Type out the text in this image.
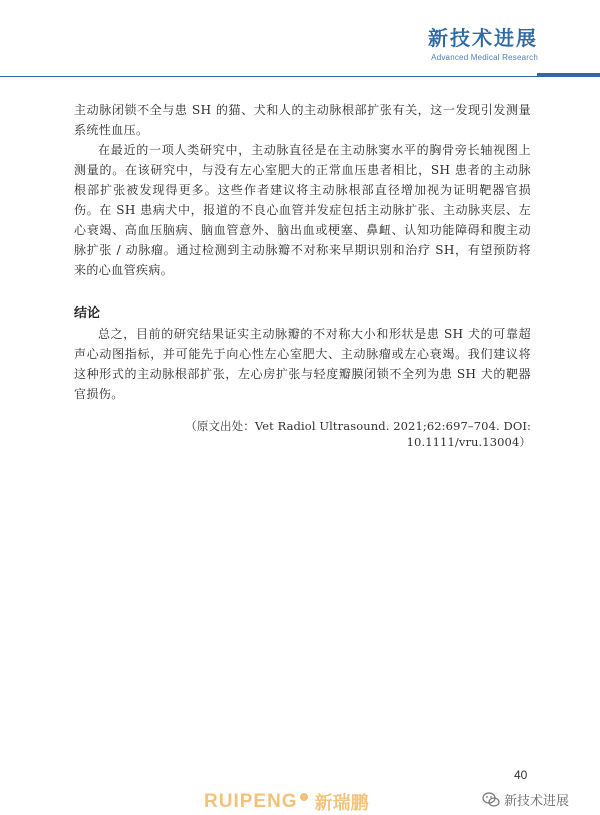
新技术进展
Advanced Medical Research

主动脉闭锁不全与患 SH 的猫、犬和人的主动脉根部扩张有关，这一发现引发测量系统性血压。

在最近的一项人类研究中，主动脉直径是在主动脉窦水平的胸骨旁长轴视图上测量的。在该研究中，与没有左心室肥大的正常血压患者相比，SH 患者的主动脉根部扩张被发现得更多。这些作者建议将主动脉根部直径增加视为证明靶器官损伤。在 SH 患病犬中，报道的不良心血管并发症包括主动脉扩张、主动脉夹层、左心衰竭、高血压脑病、脑血管意外、脑出血或梗塞、鼻衄、认知功能障碍和腹主动脉扩张 / 动脉瘤。通过检测到主动脉瓣不对称来早期识别和治疗 SH，有望预防将来的心血管疾病。

结论

总之，目前的研究结果证实主动脉瓣的不对称大小和形状是患 SH 犬的可靠超声心动图指标，并可能先于向心性左心室肥大、主动脉瘤或左心衰竭。我们建议将这种形式的主动脉根部扩张，左心房扩张与轻度瓣膜闭锁不全列为患 SH 犬的靶器官损伤。

（原文出处：Vet Radiol Ultrasound. 2021;62:697–704. DOI: 10.1111/vru.13004）
40
RUIPENG 新瑞鹏	新技术进展
